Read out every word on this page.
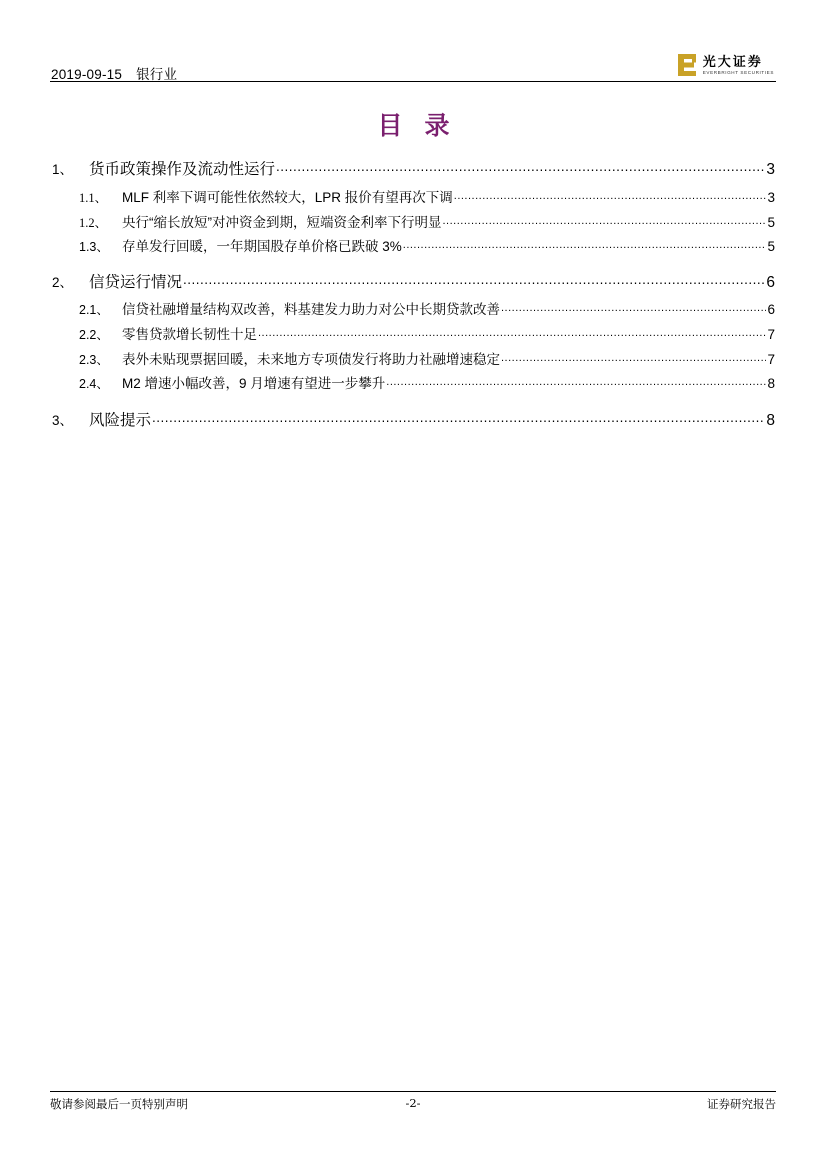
2019-09-15 银行业
光大证券
EVERBRIGHT SECURITIES
目录
1、	货币政策操作及流动性运行 .....	3
1.1、	MLF 利率下调可能性依然较大，LPR 报价有望再次下调 .....	3
1.2、	央行“缩长放短”对冲资金到期，短端资金利率下行明显 .....	5
1.3、 存单发行回暖，一年期国股存单价格已跌破 3% .....	5
2、	信贷运行情况 .....	6
2.1、 信贷社融增量结构双改善，料基建发力助力对公中长期贷款改善 .....	6
2.2、 零售贷款增长韧性十足 .....	7
2.3、 表外未贴现票据回暖，未来地方专项债发行将助力社融增速稳定 .....	7
2.4、 M2 增速小幅改善，9 月增速有望进一步攀升 .....	8
3、	风险提示 .....	8
敬请参阅最后一页特别声明	-2-	证券研究报告
